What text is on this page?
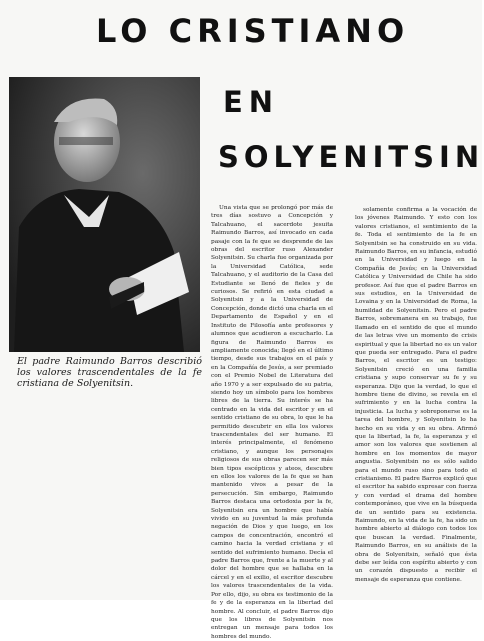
LO CRISTIANO
EN
SOLYENITSIN

El padre Raimundo Barros describió los valores trascendentales de la fe cristiana de Solyenitsin.

Una vista que se prolongó por más de tres días sostuvo a Concepción y Talcahuano, el sacerdote jesuita Raimundo Barros, así invocado en cada pasaje con la fe que se desprende de las obras del escritor ruso Alexander Solyenitsin. Su charla fue organizada por la Universidad Católica, sede Talcahuano, y el auditorio de la Casa del Estudiante se llenó de fieles y de curiosos. Se refirió en esta ciudad a Solyenitsin y a la Universidad de Concepción, donde dictó una charla en el Departamento de Español y en el Instituto de Filosofía ante profesores y alumnos que acudieron a escucharlo. La figura de Raimundo Barros es ampliamente conocida; llegó en el último tiempo, desde sus trabajos en el país y en la Compañía de Jesús, a ser premiado con el Premio Nobel de Literatura del año 1970 y a ser expulsado de su patria, siendo hoy un símbolo para los hombres libres de la tierra. Su interés se ha centrado en la vida del escritor y en el sentido cristiano de su obra, lo que le ha permitido descubrir en ella los valores trascendentales del ser humano. El interés principalmente, el fenómeno cristiano, y aunque los personajes religiosos de sus obras parecen ser más bien tipos escépticos y ateos, descubre en ellos los valores de la fe que se han mantenido vivos a pesar de la persecución. Sin embargo, Raimundo Barros destaca una ortodoxia por la fe, Solyenitsin era un hombre que había vivido en su juventud la más profunda negación de Dios y que luego, en los campos de concentración, encontró el camino hacia la verdad cristiana y el sentido del sufrimiento humano. Decía el padre Barros que, frente a la muerte y al dolor del hombre que se hallaba en la cárcel y en el exilio, el escritor descubre los valores trascendentales de la vida. Por ello, dijo, su obra es testimonio de la fe y de la esperanza en la libertad del hombre. Al concluir, el padre Barros dijo que los libros de Solyenitsin nos entregan un mensaje para todos los hombres del mundo.

solamente confirma a la vocación de los jóvenes Raimundo. Y esto con los valores cristianos, el sentimiento de la fe. Toda el sentimiento de la fe en Solyenitsin se ha construido en su vida. Raimundo Barros, en su infancia, estudió en la Universidad y luego en la Compañía de Jesús; en la Universidad Católica y Universidad de Chile ha sido profesor. Así fue que el padre Barros en sus estudios, en la Universidad de Lovaina y en la Universidad de Roma, la humildad de Solyenitsin. Pero el padre Barros, sobremanera en su trabajo, fue llamado en el sentido de que el mundo de las letras vive un momento de crisis espiritual y que la libertad no es un valor que pueda ser entregado. Para el padre Barros, el escritor es un testigo: Solyenitsin creció en una familia cristiana y supo conservar su fe y su esperanza. Dijo que la verdad, lo que el hombre tiene de divino, se revela en el sufrimiento y en la lucha contra la injusticia. La lucha y sobreponerse es la tarea del hombre, y Solyenitsin lo ha hecho en su vida y en su obra. Afirmó que la libertad, la fe, la esperanza y el amor son los valores que sostienen al hombre en los momentos de mayor angustia. Solyenitsin no es sólo salido para el mundo ruso sino para todo el cristianismo. El padre Barros explicó que el escritor ha sabido expresar con fuerza y con verdad el drama del hombre contemporáneo, que vive en la búsqueda de un sentido para su existencia. Raimundo, en la vida de la fe, ha sido un hombre abierto al diálogo con todos los que buscan la verdad. Finalmente, Raimundo Barros, en su análisis de la obra de Solyenitsin, señaló que ésta debe ser leída con espíritu abierto y con un corazón dispuesto a recibir el mensaje de esperanza que contiene.
